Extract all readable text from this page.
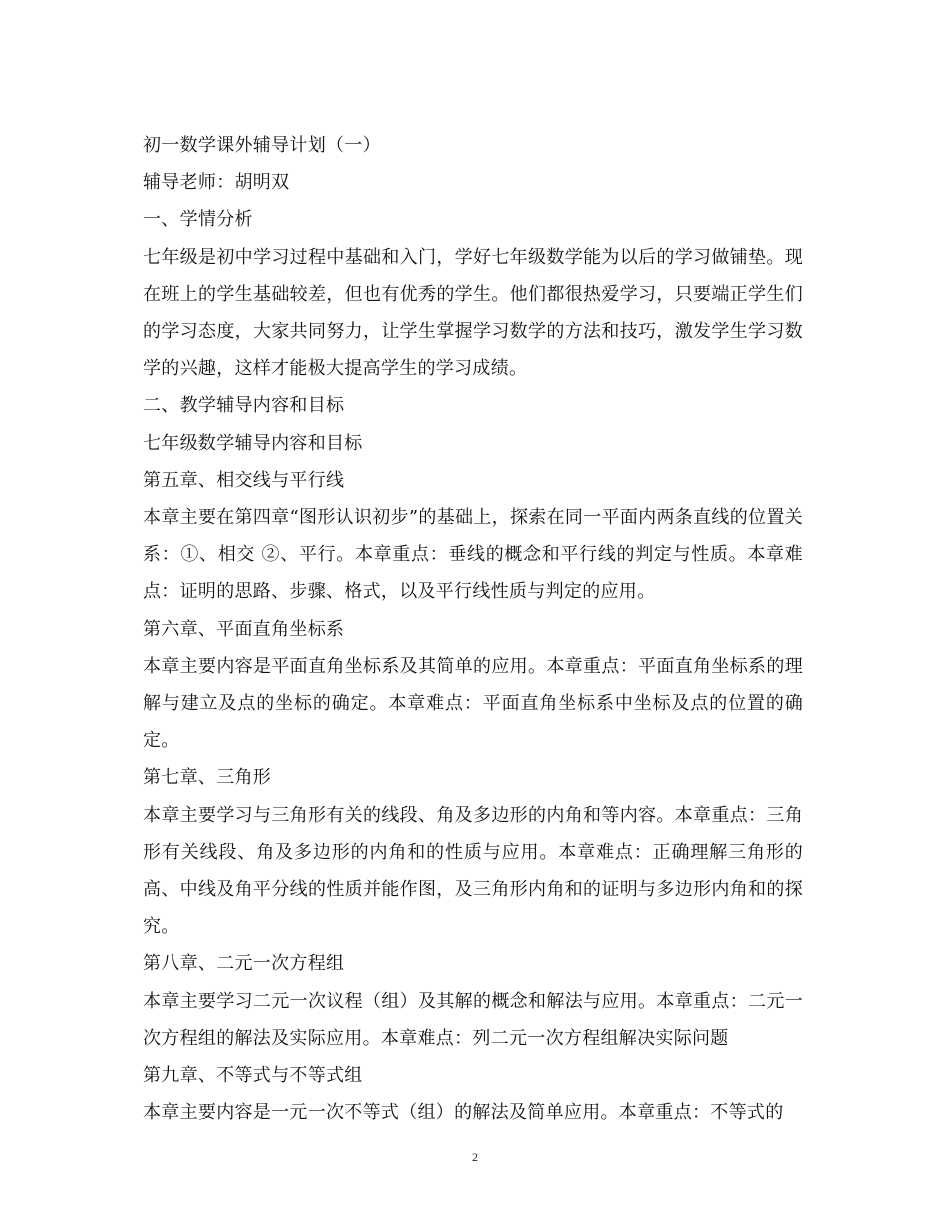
初一数学课外辅导计划（一）
辅导老师：胡明双
一、学情分析
七年级是初中学习过程中基础和入门，学好七年级数学能为以后的学习做铺垫。现在班上的学生基础较差，但也有优秀的学生。他们都很热爱学习，只要端正学生们的学习态度，大家共同努力，让学生掌握学习数学的方法和技巧，激发学生学习数学的兴趣，这样才能极大提高学生的学习成绩。
二、教学辅导内容和目标
七年级数学辅导内容和目标
第五章、相交线与平行线
本章主要在第四章“图形认识初步”的基础上，探索在同一平面内两条直线的位置关系：①、相交 ②、平行。本章重点：垂线的概念和平行线的判定与性质。本章难点：证明的思路、步骤、格式，以及平行线性质与判定的应用。
第六章、平面直角坐标系
本章主要内容是平面直角坐标系及其简单的应用。本章重点：平面直角坐标系的理解与建立及点的坐标的确定。本章难点：平面直角坐标系中坐标及点的位置的确定。
第七章、三角形
本章主要学习与三角形有关的线段、角及多边形的内角和等内容。本章重点：三角形有关线段、角及多边形的内角和的性质与应用。本章难点：正确理解三角形的高、中线及角平分线的性质并能作图，及三角形内角和的证明与多边形内角和的探究。
第八章、二元一次方程组
本章主要学习二元一次议程（组）及其解的概念和解法与应用。本章重点：二元一次方程组的解法及实际应用。本章难点：列二元一次方程组解决实际问题
第九章、不等式与不等式组
本章主要内容是一元一次不等式（组）的解法及简单应用。本章重点：不等式的
2
